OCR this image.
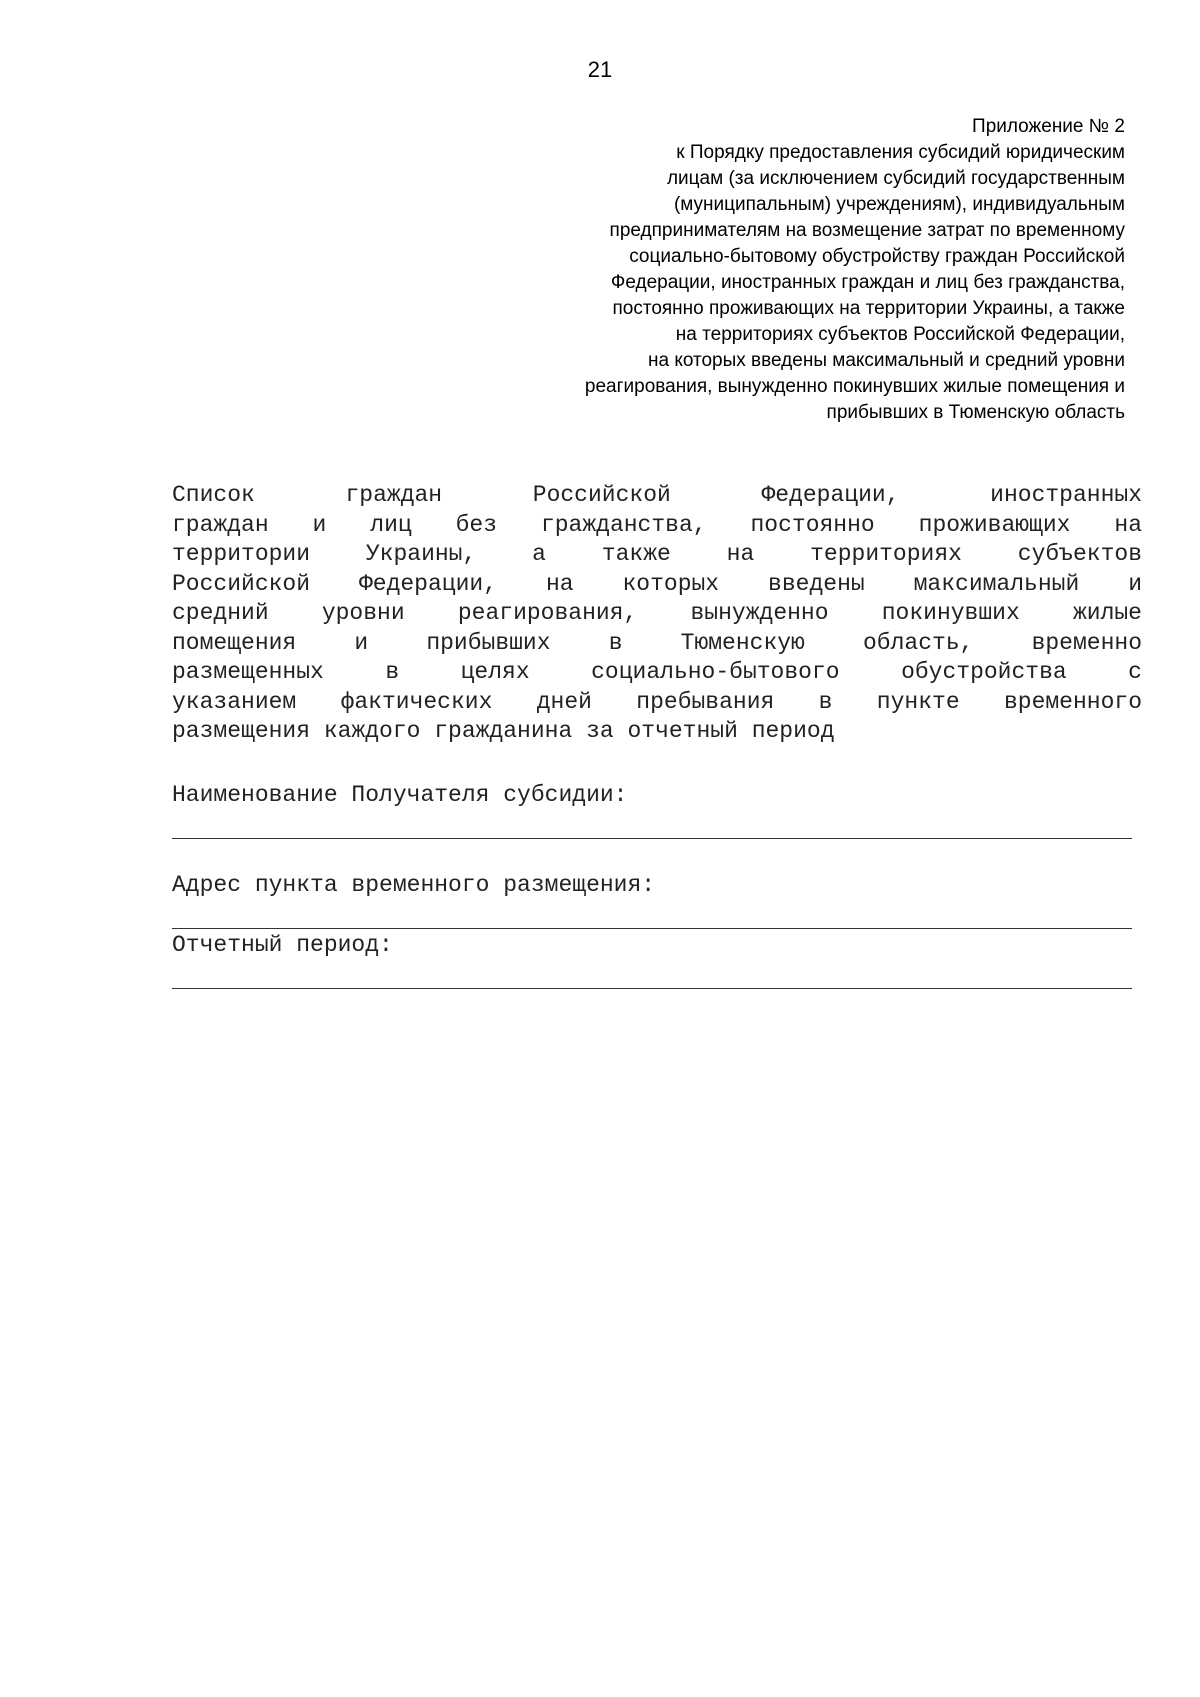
21
Приложение № 2
к Порядку предоставления субсидий юридическим
лицам (за исключением субсидий государственным
(муниципальным) учреждениям), индивидуальным
предпринимателям на возмещение затрат по временному
социально-бытовому обустройству граждан Российской
Федерации, иностранных граждан и лиц без гражданства,
постоянно проживающих на территории Украины, а также
на территориях субъектов Российской Федерации,
на которых введены максимальный и средний уровни
реагирования, вынужденно покинувших жилые помещения и
прибывших в Тюменскую область
Список граждан Российской Федерации, иностранных
граждан и лиц без гражданства, постоянно проживающих на
территории Украины, а также на территориях субъектов
Российской Федерации, на которых введены максимальный и
средний уровни реагирования, вынужденно покинувших жилые
помещения и прибывших в Тюменскую область, временно
размещенных в целях социально-бытового обустройства с
указанием фактических дней пребывания в пункте временного
размещения каждого гражданина за отчетный период
Наименование Получателя субсидии:
Адрес пункта временного размещения:
Отчетный период:
